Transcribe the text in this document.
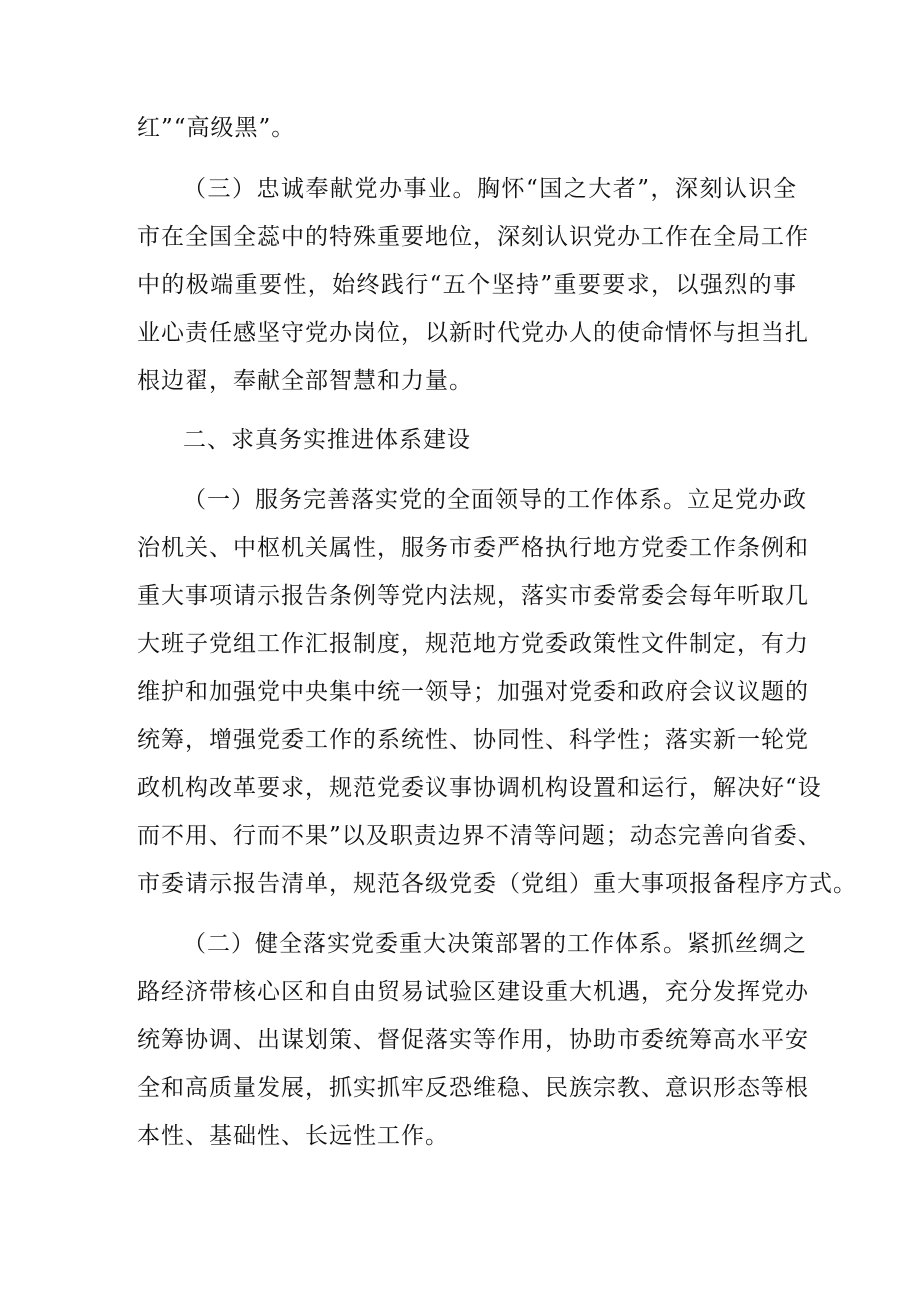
红”“高级黑”。
（三）忠诚奉献党办事业。胸怀“国之大者”，深刻认识全
市在全国全蕊中的特殊重要地位，深刻认识党办工作在全局工作
中的极端重要性，始终践行“五个坚持”重要要求，以强烈的事
业心责任感坚守党办岗位，以新时代党办人的使命情怀与担当扎
根边翟，奉献全部智慧和力量。
二、求真务实推进体系建设
（一）服务完善落实党的全面领导的工作体系。立足党办政
治机关、中枢机关属性，服务市委严格执行地方党委工作条例和
重大事项请示报告条例等党内法规，落实市委常委会每年听取几
大班子党组工作汇报制度，规范地方党委政策性文件制定，有力
维护和加强党中央集中统一领导；加强对党委和政府会议议题的
统筹，增强党委工作的系统性、协同性、科学性；落实新一轮党
政机构改革要求，规范党委议事协调机构设置和运行，解决好“设
而不用、行而不果”以及职责边界不清等问题；动态完善向省委、
市委请示报告清单，规范各级党委（党组）重大事项报备程序方式。
（二）健全落实党委重大决策部署的工作体系。紧抓丝绸之
路经济带核心区和自由贸易试验区建设重大机遇，充分发挥党办
统筹协调、出谋划策、督促落实等作用，协助市委统筹高水平安
全和高质量发展，抓实抓牢反恐维稳、民族宗教、意识形态等根
本性、基础性、长远性工作。
